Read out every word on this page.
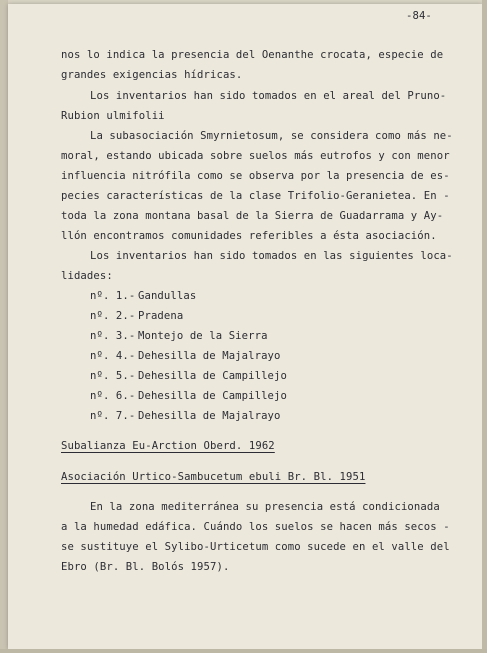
-84-

nos lo indica la presencia del Oenanthe crocata, especie de

grandes exigencias hídricas.

Los inventarios han sido tomados en el areal del Pruno-

Rubion ulmifolii

La subasociación Smyrnietosum, se considera como más ne-

moral, estando ubicada sobre suelos más eutrofos y con menor

influencia nitrófila como se observa por la presencia de es-

pecies características de la clase Trifolio-Geranietea. En -

toda la zona montana basal de la Sierra de Guadarrama y Ay-

llón encontramos comunidades referibles a ésta asociación.

Los inventarios han sido tomados en las siguientes loca-

lidades:

nº. 1.- Gandullas

nº. 2.- Pradena

nº. 3.- Montejo de la Sierra

nº. 4.- Dehesilla de Majalrayo

nº. 5.- Dehesilla de Campillejo

nº. 6.- Dehesilla de Campillejo

nº. 7.- Dehesilla de Majalrayo

Subalianza Eu-Arction Oberd. 1962

Asociación Urtico-Sambucetum ebuli Br. Bl. 1951

En la zona mediterránea su presencia está condicionada

a la humedad edáfica. Cuándo los suelos se hacen más secos -

se sustituye el Sylibo-Urticetum como sucede en el valle del

Ebro (Br. Bl. Bolós 1957).
